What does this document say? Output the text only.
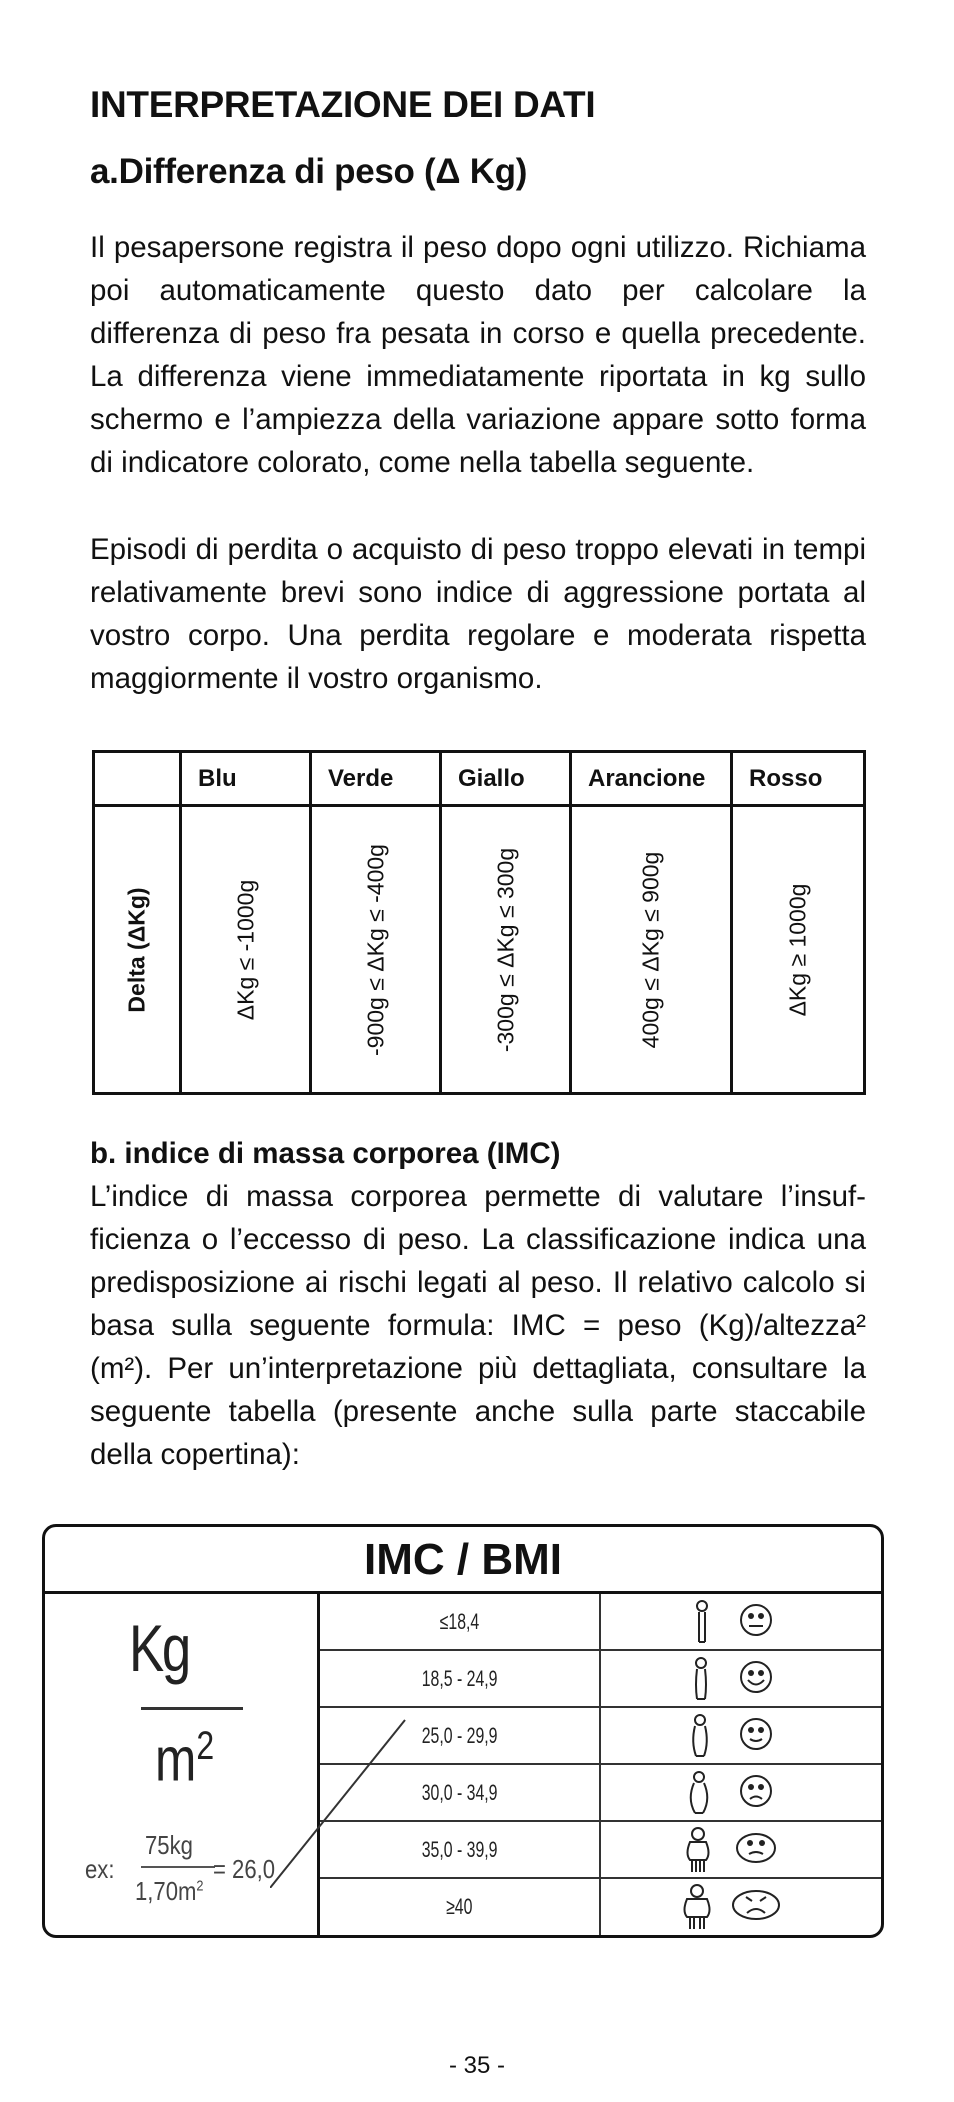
INTERPRETAZIONE DEI DATI
a.Differenza di peso (Δ Kg)

Il pesapersone registra il peso dopo ogni utilizzo. Richiama poi automaticamente questo dato per calcolare la differenza di peso fra pesata in corso e quella precedente. La differenza viene immediatamente riportata in kg sullo schermo e l’ampiezza della variazione appare sotto forma di indicatore colorato, come nella tabella seguente.

Episodi di perdita o acquisto di peso troppo elevati in tempi relativamente brevi sono indice di aggressione portata al vostro corpo. Una perdita regolare e moderata rispetta maggiormente il vostro organismo.

	Blu	Verde	Giallo	Arancione	Rosso

Delta (ΔKg)	ΔKg ≤ -1000g	-900g ≤ ΔKg ≤ -400g	-300g ≤ ΔKg ≤ 300g	400g ≤ ΔKg ≤ 900g	ΔKg ≥ 1000g

b. indice di massa corporea (IMC)

L’indice di massa corporea permette di valutare l’insufficienza o l’eccesso di peso. La classificazione indica una predisposizione ai rischi legati al peso. Il relativo calcolo si basa sulla seguente formula: IMC = peso (Kg)/altezza² (m²). Per un’interpretazione più dettagliata, consultare la seguente tabella (presente anche sulla parte staccabile della copertina):

IMC / BMI
Kg
$m^2$
ex:
75kg
$1,70m^2$
= 26,0
≤18,4
18,5 - 24,9
25,0 - 29,9
30,0 - 34,9
35,0 - 39,9
≥40
- 35 -
